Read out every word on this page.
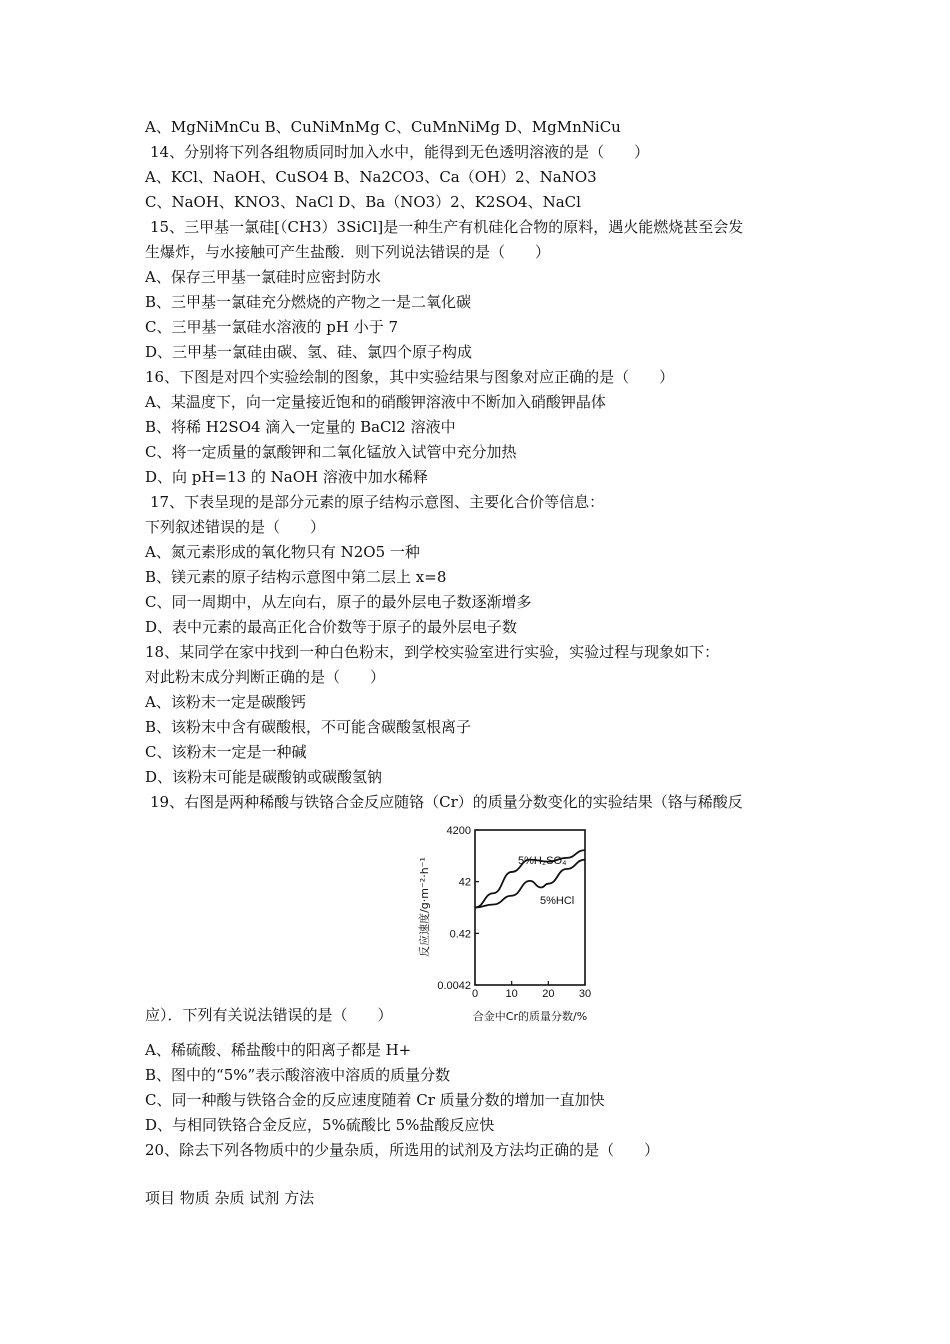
A、MgNiMnCu B、CuNiMnMg C、CuMnNiMg D、MgMnNiCu
14、分别将下列各组物质同时加入水中，能得到无色透明溶液的是（　　）
A、KCl、NaOH、CuSO4 B、Na2CO3、Ca（OH）2、NaNO3
C、NaOH、KNO3、NaCl D、Ba（NO3）2、K2SO4、NaCl
15、三甲基一氯硅[（CH3）3SiCl]是一种生产有机硅化合物的原料，遇火能燃烧甚至会发
生爆炸，与水接触可产生盐酸．则下列说法错误的是（　　）
A、保存三甲基一氯硅时应密封防水
B、三甲基一氯硅充分燃烧的产物之一是二氧化碳
C、三甲基一氯硅水溶液的 pH 小于 7
D、三甲基一氯硅由碳、氢、硅、氯四个原子构成
16、下图是对四个实验绘制的图象，其中实验结果与图象对应正确的是（　　）
A、某温度下，向一定量接近饱和的硝酸钾溶液中不断加入硝酸钾晶体
B、将稀 H2SO4 滴入一定量的 BaCl2 溶液中
C、将一定质量的氯酸钾和二氧化锰放入试管中充分加热
D、向 pH=13 的 NaOH 溶液中加水稀释
17、下表呈现的是部分元素的原子结构示意图、主要化合价等信息：
下列叙述错误的是（　　）
A、氮元素形成的氧化物只有 N2O5 一种
B、镁元素的原子结构示意图中第二层上 x=8
C、同一周期中，从左向右，原子的最外层电子数逐渐增多
D、表中元素的最高正化合价数等于原子的最外层电子数
18、某同学在家中找到一种白色粉末，到学校实验室进行实验，实验过程与现象如下：
对此粉末成分判断正确的是（　　）
A、该粉末一定是碳酸钙
B、该粉末中含有碳酸根，不可能含碳酸氢根离子
C、该粉末一定是一种碱
D、该粉末可能是碳酸钠或碳酸氢钠
19、右图是两种稀酸与铁铬合金反应随铬（Cr）的质量分数变化的实验结果（铬与稀酸反
4200
42
0.42
0.0042
0 10 20 30
5%H₂SO₄
5%HCl
反应速度/g·m⁻²·h⁻¹
合金中Cr的质量分数/%
应）．下列有关说法错误的是（　　）
A、稀硫酸、稀盐酸中的阳离子都是 H+
B、图中的“5%”表示酸溶液中溶质的质量分数
C、同一种酸与铁铬合金的反应速度随着 Cr 质量分数的增加一直加快
D、与相同铁铬合金反应，5%硫酸比 5%盐酸反应快
20、除去下列各物质中的少量杂质，所选用的试剂及方法均正确的是（　　）
项目 物质 杂质 试剂 方法
